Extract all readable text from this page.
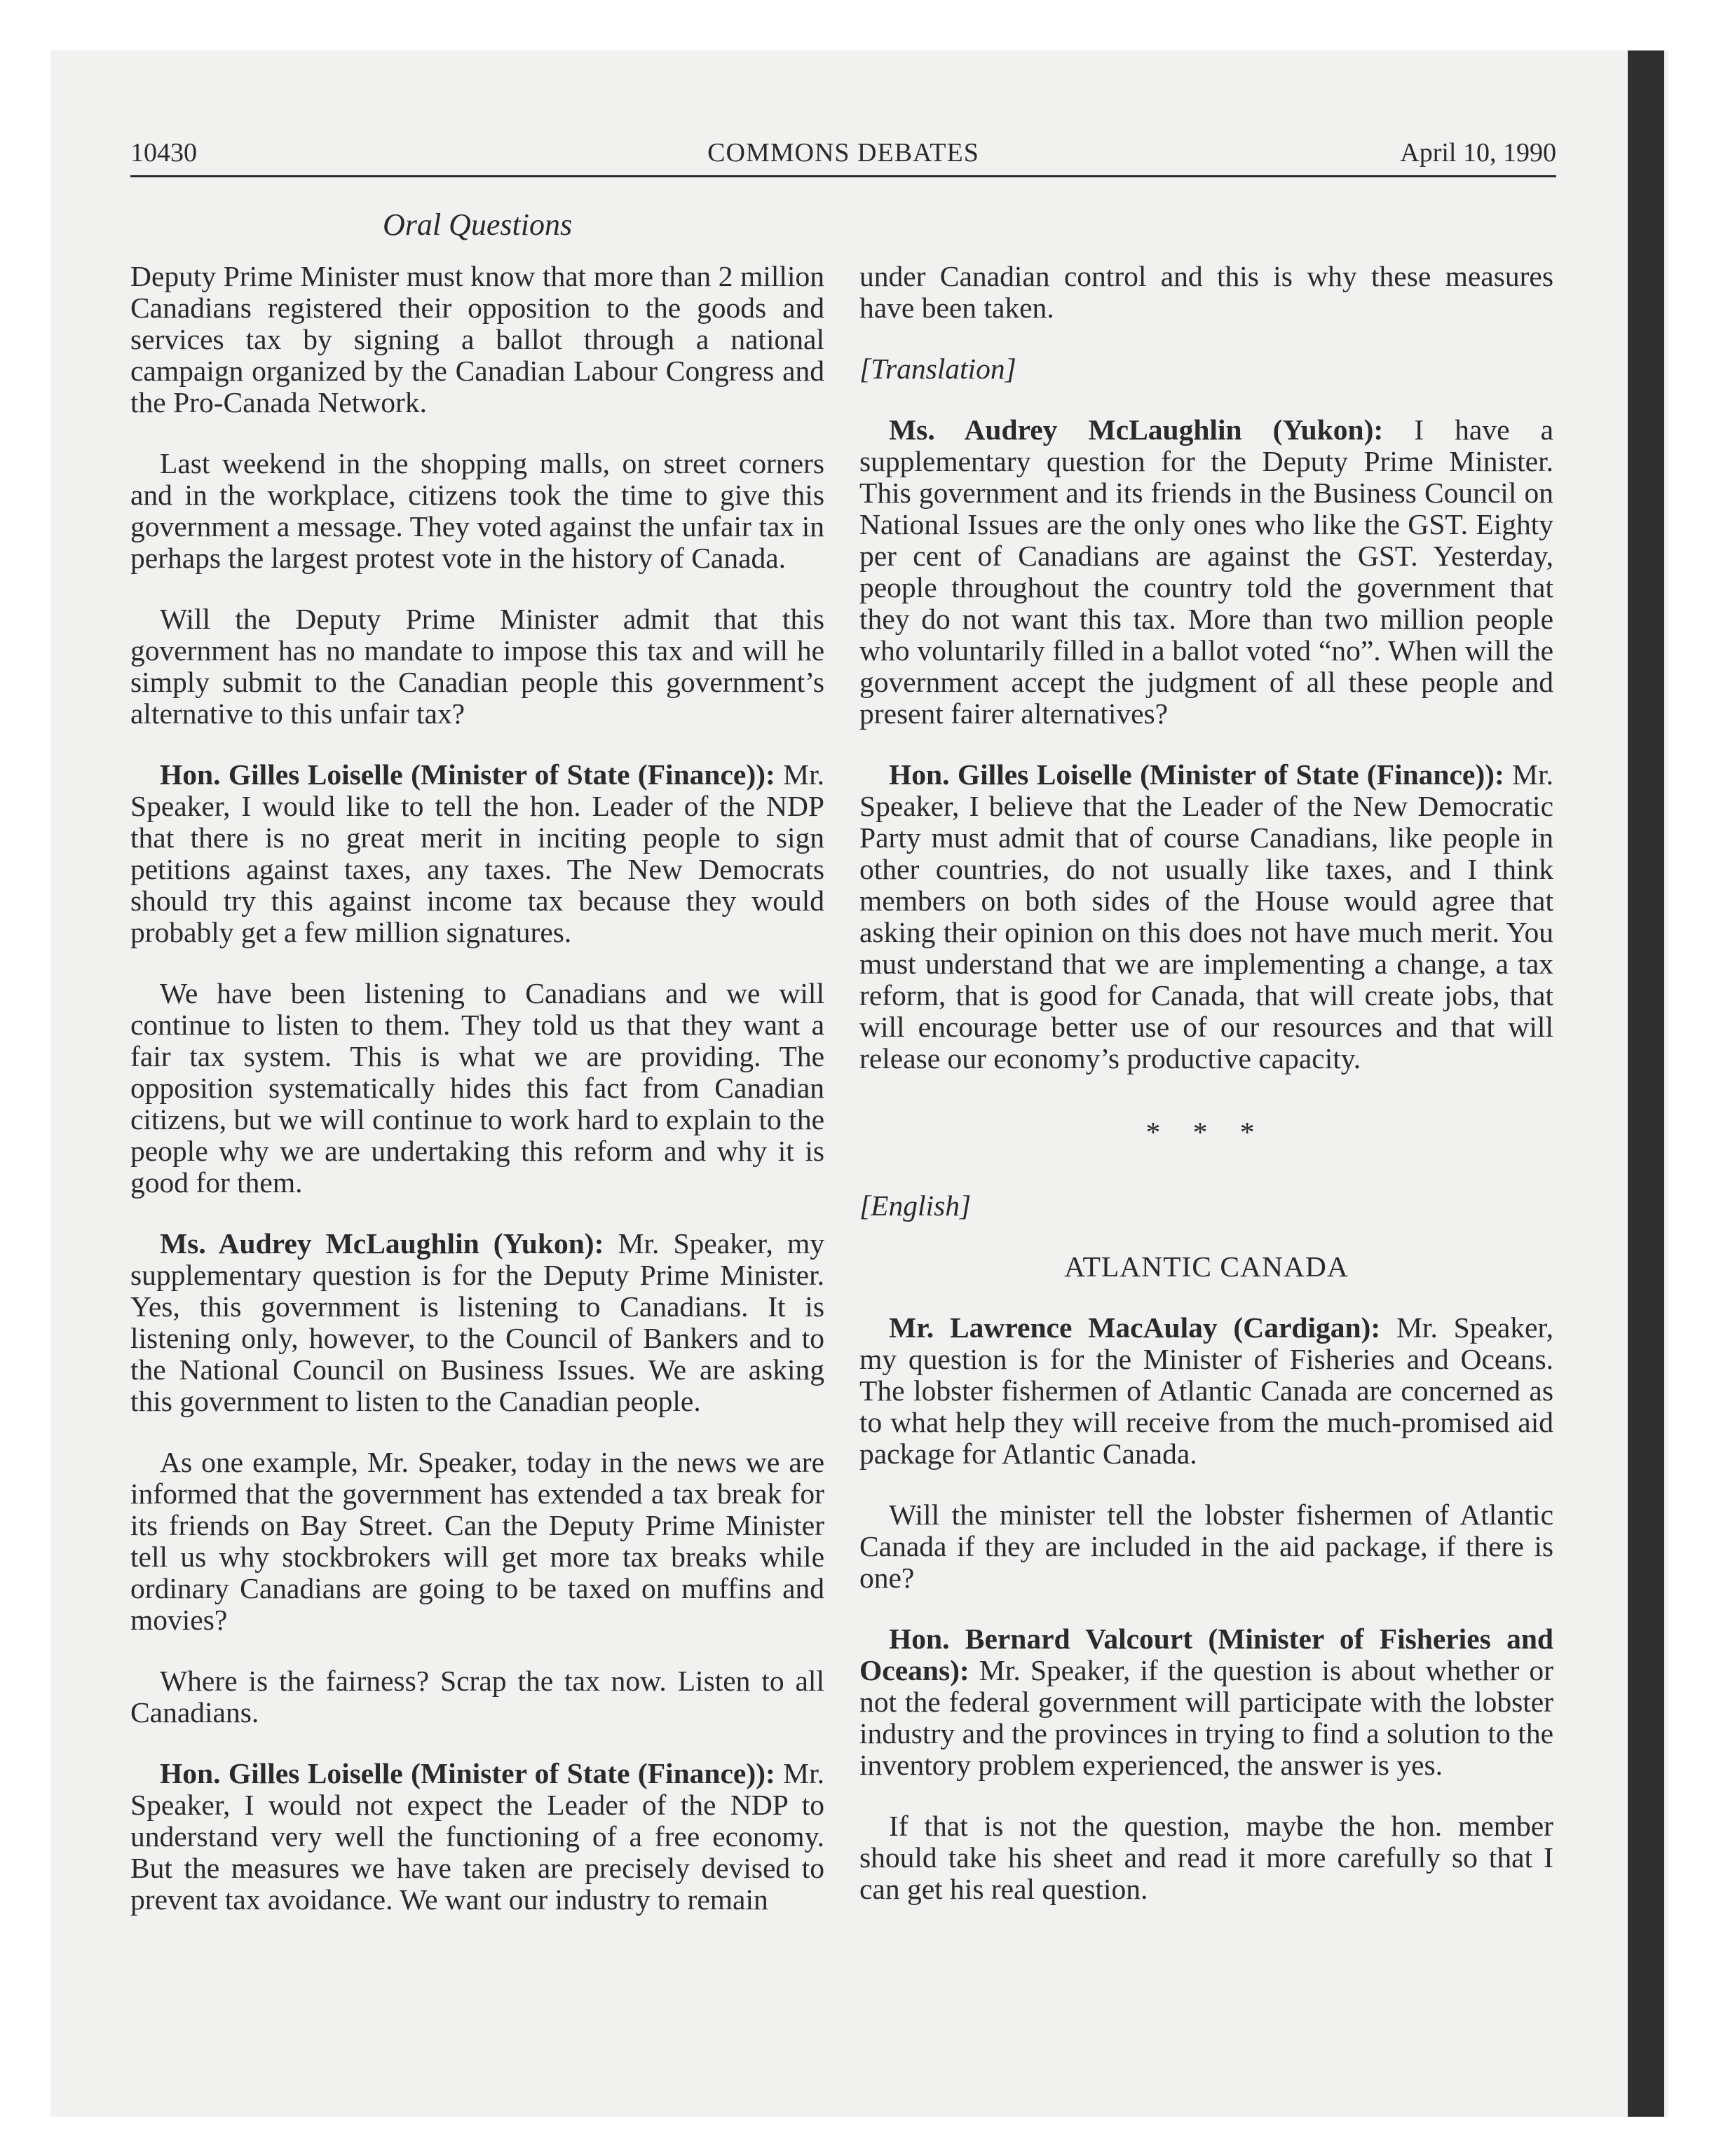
10430	COMMONS DEBATES	April 10, 1990
Oral Questions

Deputy Prime Minister must know that more than 2 million Canadians registered their opposition to the goods and services tax by signing a ballot through a national campaign organized by the Canadian Labour Congress and the Pro-Canada Network.

Last weekend in the shopping malls, on street corners and in the workplace, citizens took the time to give this government a message. They voted against the unfair tax in perhaps the largest protest vote in the history of Canada.

Will the Deputy Prime Minister admit that this government has no mandate to impose this tax and will he simply submit to the Canadian people this government’s alternative to this unfair tax?

Hon. Gilles Loiselle (Minister of State (Finance)): Mr. Speaker, I would like to tell the hon. Leader of the NDP that there is no great merit in inciting people to sign petitions against taxes, any taxes. The New Democrats should try this against income tax because they would probably get a few million signatures.

We have been listening to Canadians and we will continue to listen to them. They told us that they want a fair tax system. This is what we are providing. The opposition systematically hides this fact from Canadian citizens, but we will continue to work hard to explain to the people why we are undertaking this reform and why it is good for them.

Ms. Audrey McLaughlin (Yukon): Mr. Speaker, my supplementary question is for the Deputy Prime Minister. Yes, this government is listening to Canadians. It is listening only, however, to the Council of Bankers and to the National Council on Business Issues. We are asking this government to listen to the Canadian people.

As one example, Mr. Speaker, today in the news we are informed that the government has extended a tax break for its friends on Bay Street. Can the Deputy Prime Minister tell us why stockbrokers will get more tax breaks while ordinary Canadians are going to be taxed on muffins and movies?

Where is the fairness? Scrap the tax now. Listen to all Canadians.

Hon. Gilles Loiselle (Minister of State (Finance)): Mr. Speaker, I would not expect the Leader of the NDP to understand very well the functioning of a free economy. But the measures we have taken are precisely devised to prevent tax avoidance. We want our industry to remain

under Canadian control and this is why these measures have been taken.

[Translation]

Ms. Audrey McLaughlin (Yukon): I have a supplementary question for the Deputy Prime Minister. This government and its friends in the Business Council on National Issues are the only ones who like the GST. Eighty per cent of Canadians are against the GST. Yesterday, people throughout the country told the government that they do not want this tax. More than two million people who voluntarily filled in a ballot voted “no”. When will the government accept the judgment of all these people and present fairer alternatives?

Hon. Gilles Loiselle (Minister of State (Finance)): Mr. Speaker, I believe that the Leader of the New Democratic Party must admit that of course Canadians, like people in other countries, do not usually like taxes, and I think members on both sides of the House would agree that asking their opinion on this does not have much merit. You must understand that we are implementing a change, a tax reform, that is good for Canada, that will create jobs, that will encourage better use of our resources and that will release our economy’s productive capacity.

* * *
[English]
ATLANTIC CANADA

Mr. Lawrence MacAulay (Cardigan): Mr. Speaker, my question is for the Minister of Fisheries and Oceans. The lobster fishermen of Atlantic Canada are concerned as to what help they will receive from the much-promised aid package for Atlantic Canada.

Will the minister tell the lobster fishermen of Atlantic Canada if they are included in the aid package, if there is one?

Hon. Bernard Valcourt (Minister of Fisheries and Oceans): Mr. Speaker, if the question is about whether or not the federal government will participate with the lobster industry and the provinces in trying to find a solution to the inventory problem experienced, the answer is yes.

If that is not the question, maybe the hon. member should take his sheet and read it more carefully so that I can get his real question.
